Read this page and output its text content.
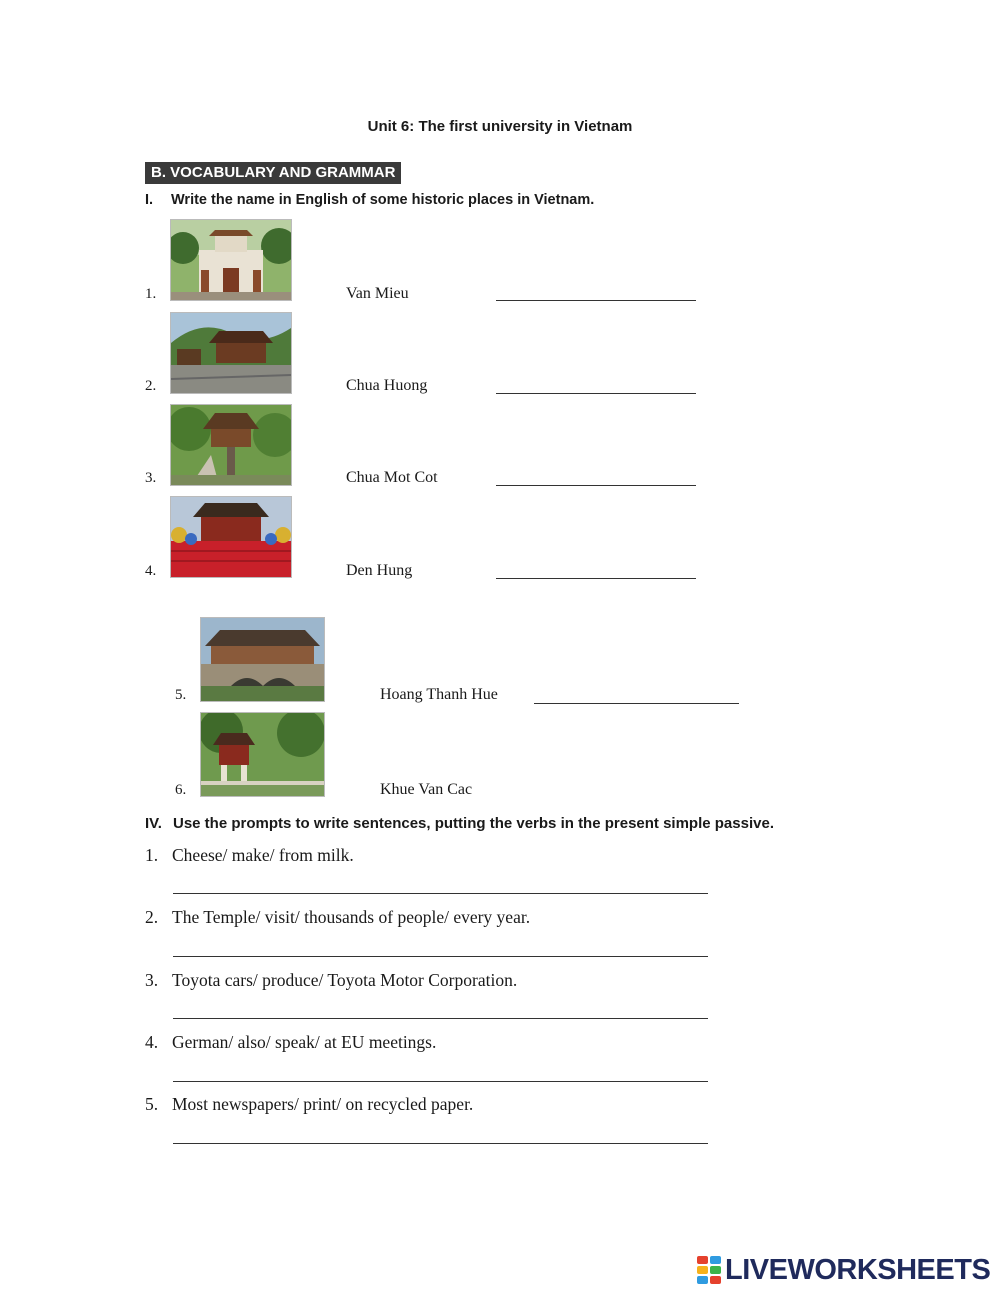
Unit 6: The first university in Vietnam
B. VOCABULARY AND GRAMMAR
I. Write the name in English of some historic places in Vietnam.
1.	Van Mieu
2.	Chua Huong
3.	Chua Mot Cot
4.	Den Hung
5.	Hoang Thanh Hue
6.	Khue Van Cac
IV. Use the prompts to write sentences, putting the verbs in the present simple passive.
1. Cheese/ make/ from milk.
2. The Temple/ visit/ thousands of people/ every year.
3. Toyota cars/ produce/ Toyota Motor Corporation.
4. German/ also/ speak/ at EU meetings.
5. Most newspapers/ print/ on recycled paper.
LIVEWORKSHEETS
